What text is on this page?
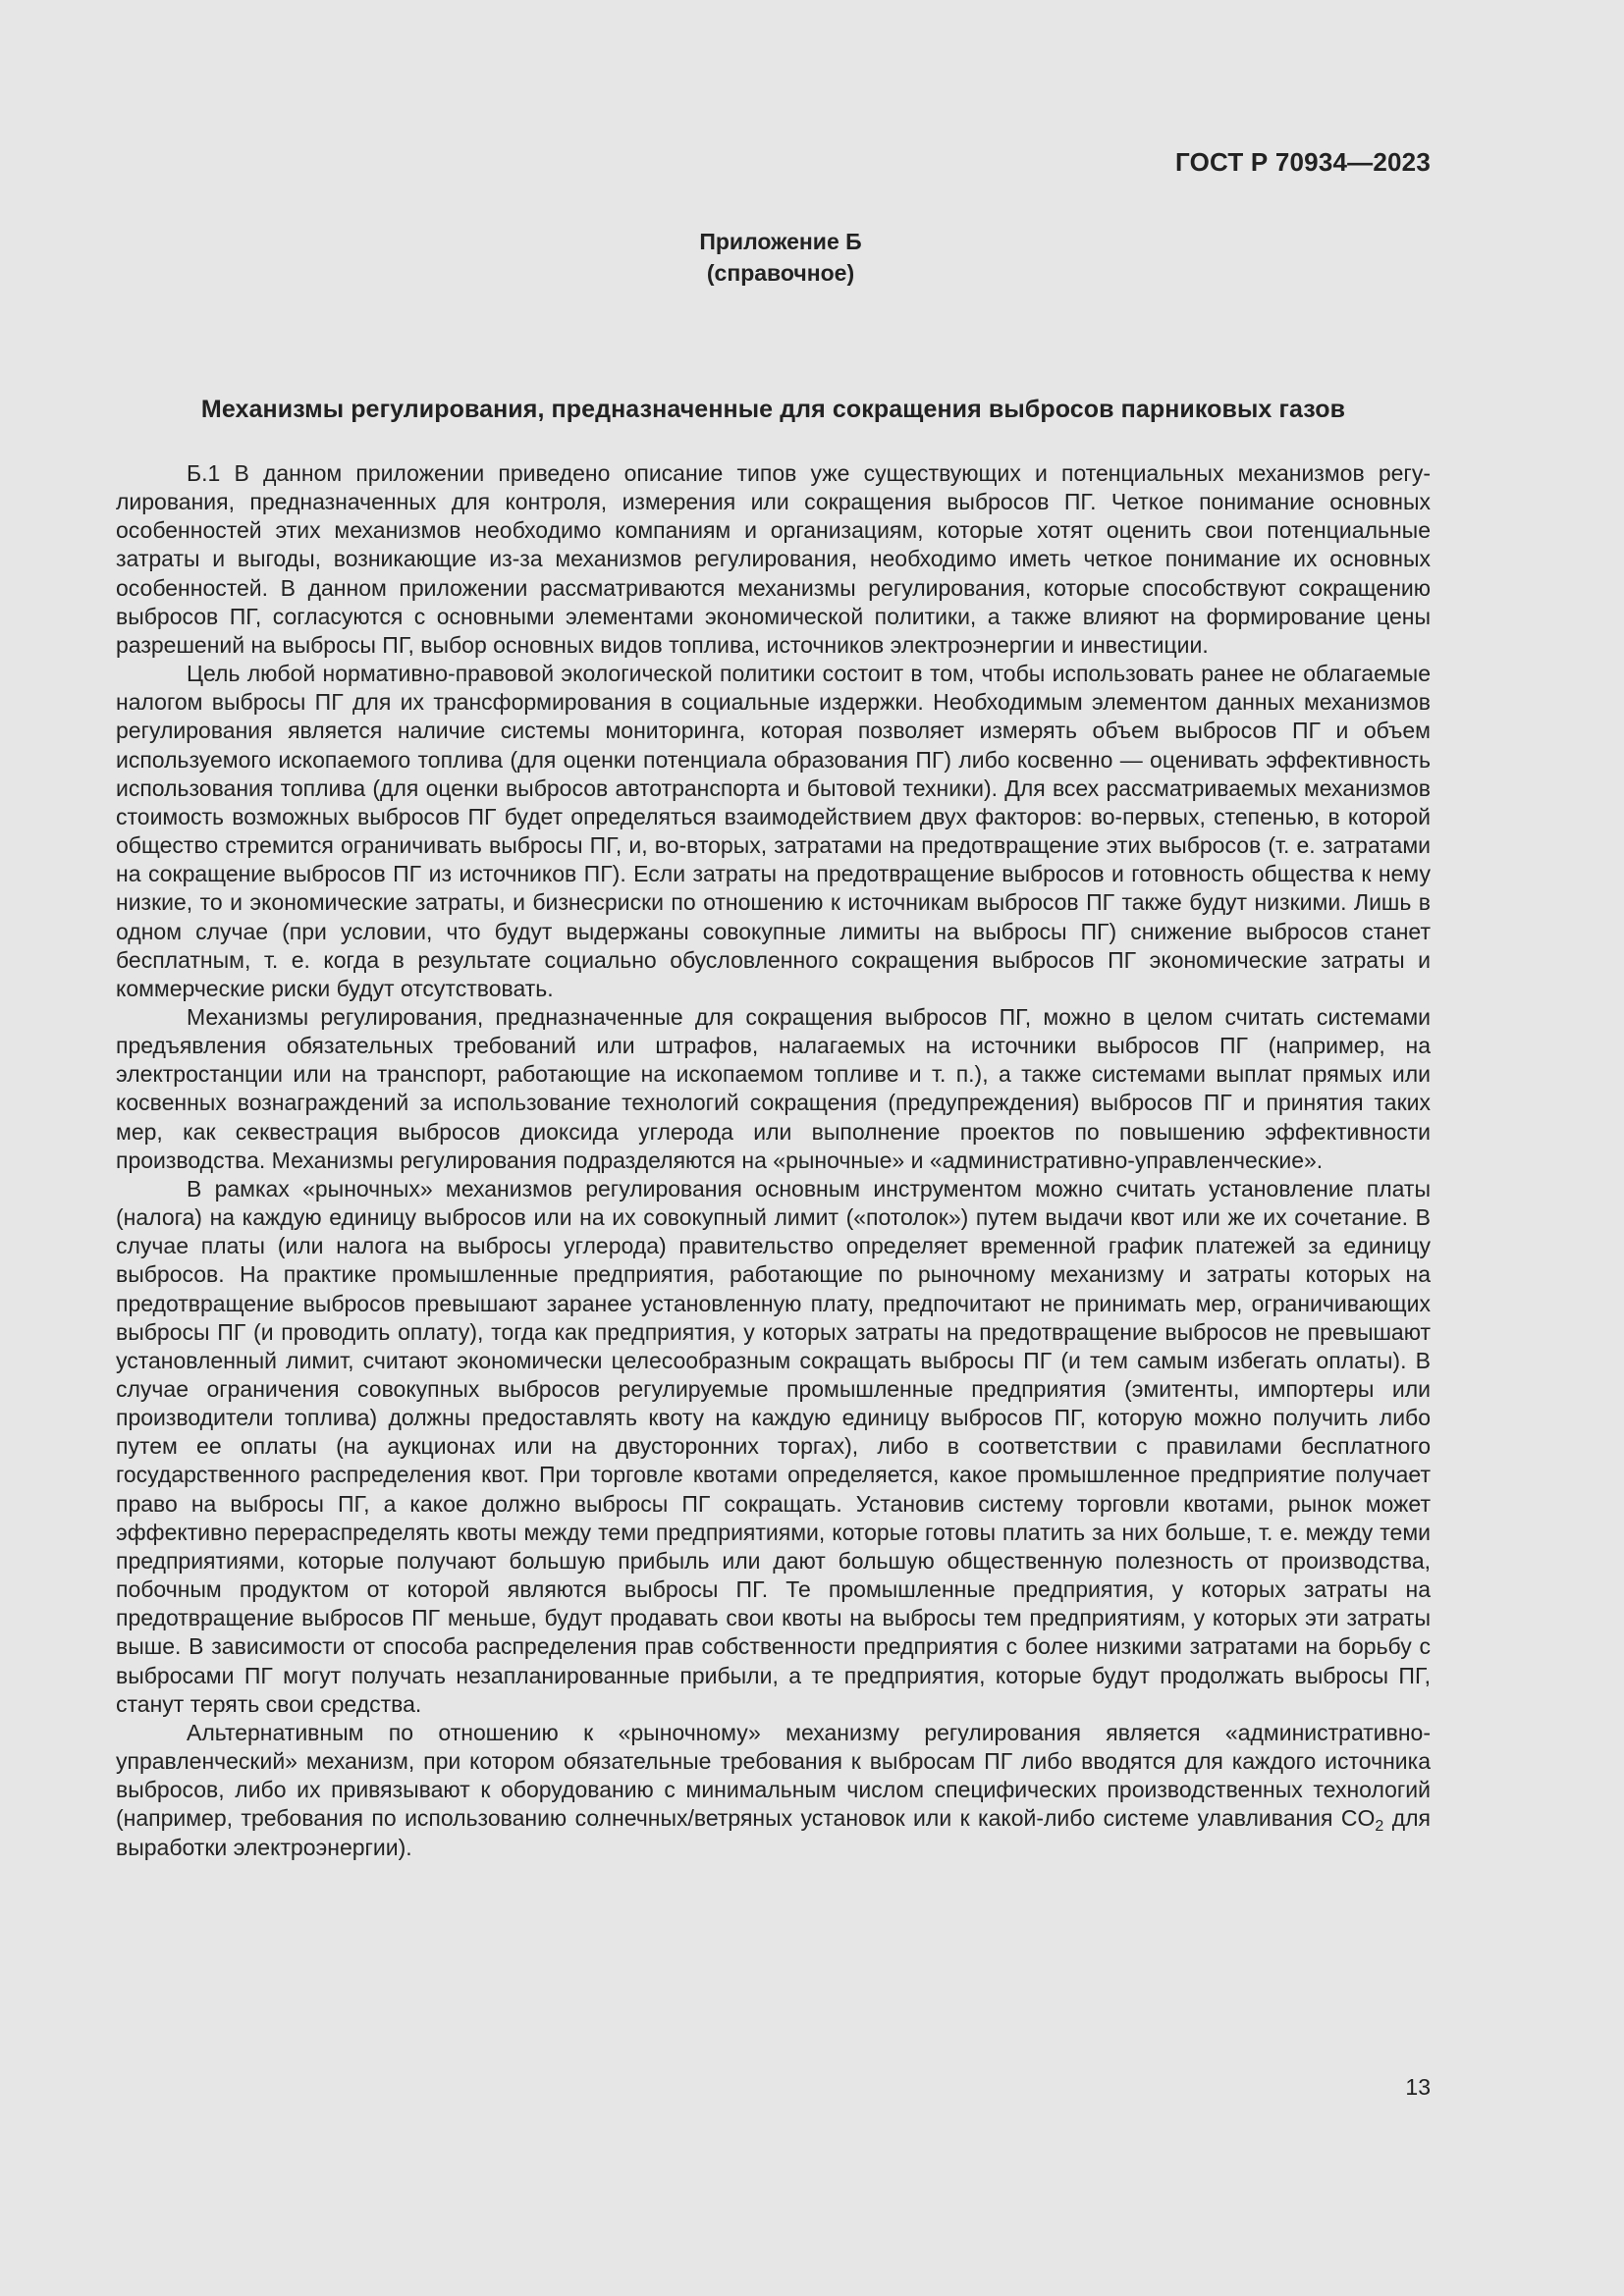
ГОСТ Р 70934—2023
Приложение Б
(справочное)
Механизмы регулирования, предназначенные для сокращения выбросов парниковых газов

Б.1 В данном приложении приведено описание типов уже существующих и потенциальных механизмов регулирования, предназначенных для контроля, измерения или сокращения выбросов ПГ. Четкое понимание основных особенностей этих механизмов необходимо компаниям и организациям, которые хотят оценить свои потенциальные затраты и выгоды, возникающие из-за механизмов регулирования, необходимо иметь четкое понимание их основных особенностей. В данном приложении рассматриваются механизмы регулирования, которые способствуют сокращению выбросов ПГ, согласуются с основными элементами экономической политики, а также влияют на формирование цены разрешений на выбросы ПГ, выбор основных видов топлива, источников электроэнергии и инвестиции.

Цель любой нормативно-правовой экологической политики состоит в том, чтобы использовать ранее не облагаемые налогом выбросы ПГ для их трансформирования в социальные издержки. Необходимым элементом данных механизмов регулирования является наличие системы мониторинга, которая позволяет измерять объем выбросов ПГ и объем используемого ископаемого топлива (для оценки потенциала образования ПГ) либо косвенно — оценивать эффективность использования топлива (для оценки выбросов автотранспорта и бытовой техники). Для всех рассматриваемых механизмов стоимость возможных выбросов ПГ будет определяться взаимодействием двух факторов: во-первых, степенью, в которой общество стремится ограничивать выбросы ПГ, и, во-вторых, затратами на предотвращение этих выбросов (т. е. затратами на сокращение выбросов ПГ из источников ПГ). Если затраты на предотвращение выбросов и готовность общества к нему низкие, то и экономические затраты, и бизнесриски по отношению к источникам выбросов ПГ также будут низкими. Лишь в одном случае (при условии, что будут выдержаны совокупные лимиты на выбросы ПГ) снижение выбросов станет бесплатным, т. е. когда в результате социально обусловленного сокращения выбросов ПГ экономические затраты и коммерческие риски будут отсутствовать.

Механизмы регулирования, предназначенные для сокращения выбросов ПГ, можно в целом считать системами предъявления обязательных требований или штрафов, налагаемых на источники выбросов ПГ (например, на электростанции или на транспорт, работающие на ископаемом топливе и т. п.), а также системами выплат прямых или косвенных вознаграждений за использование технологий сокращения (предупреждения) выбросов ПГ и принятия таких мер, как секвестрация выбросов диоксида углерода или выполнение проектов по повышению эффективности производства. Механизмы регулирования подразделяются на «рыночные» и «административно-управленческие».

В рамках «рыночных» механизмов регулирования основным инструментом можно считать установление платы (налога) на каждую единицу выбросов или на их совокупный лимит («потолок») путем выдачи квот или же их сочетание. В случае платы (или налога на выбросы углерода) правительство определяет временной график платежей за единицу выбросов. На практике промышленные предприятия, работающие по рыночному механизму и затраты которых на предотвращение выбросов превышают заранее установленную плату, предпочитают не принимать мер, ограничивающих выбросы ПГ (и проводить оплату), тогда как предприятия, у которых затраты на предотвращение выбросов не превышают установленный лимит, считают экономически целесообразным сокращать выбросы ПГ (и тем самым избегать оплаты). В случае ограничения совокупных выбросов регулируемые промышленные предприятия (эмитенты, импортеры или производители топлива) должны предоставлять квоту на каждую единицу выбросов ПГ, которую можно получить либо путем ее оплаты (на аукционах или на двусторонних торгах), либо в соответствии с правилами бесплатного государственного распределения квот. При торговле квотами определяется, какое промышленное предприятие получает право на выбросы ПГ, а какое должно выбросы ПГ сокращать. Установив систему торговли квотами, рынок может эффективно перераспределять квоты между теми предприятиями, которые готовы платить за них больше, т. е. между теми предприятиями, которые получают большую прибыль или дают большую общественную полезность от производства, побочным продуктом от которой являются выбросы ПГ. Те промышленные предприятия, у которых затраты на предотвращение выбросов ПГ меньше, будут продавать свои квоты на выбросы тем предприятиям, у которых эти затраты выше. В зависимости от способа распределения прав собственности предприятия с более низкими затратами на борьбу с выбросами ПГ могут получать незапланированные прибыли, а те предприятия, которые будут продолжать выбросы ПГ, станут терять свои средства.

Альтернативным по отношению к «рыночному» механизму регулирования является «административно-управленческий» механизм, при котором обязательные требования к выбросам ПГ либо вводятся для каждого источника выбросов, либо их привязывают к оборудованию с минимальным числом специфических производственных технологий (например, требования по использованию солнечных/ветряных установок или к какой-либо системе улавливания $CO_2$ для выработки электроэнергии).

13
